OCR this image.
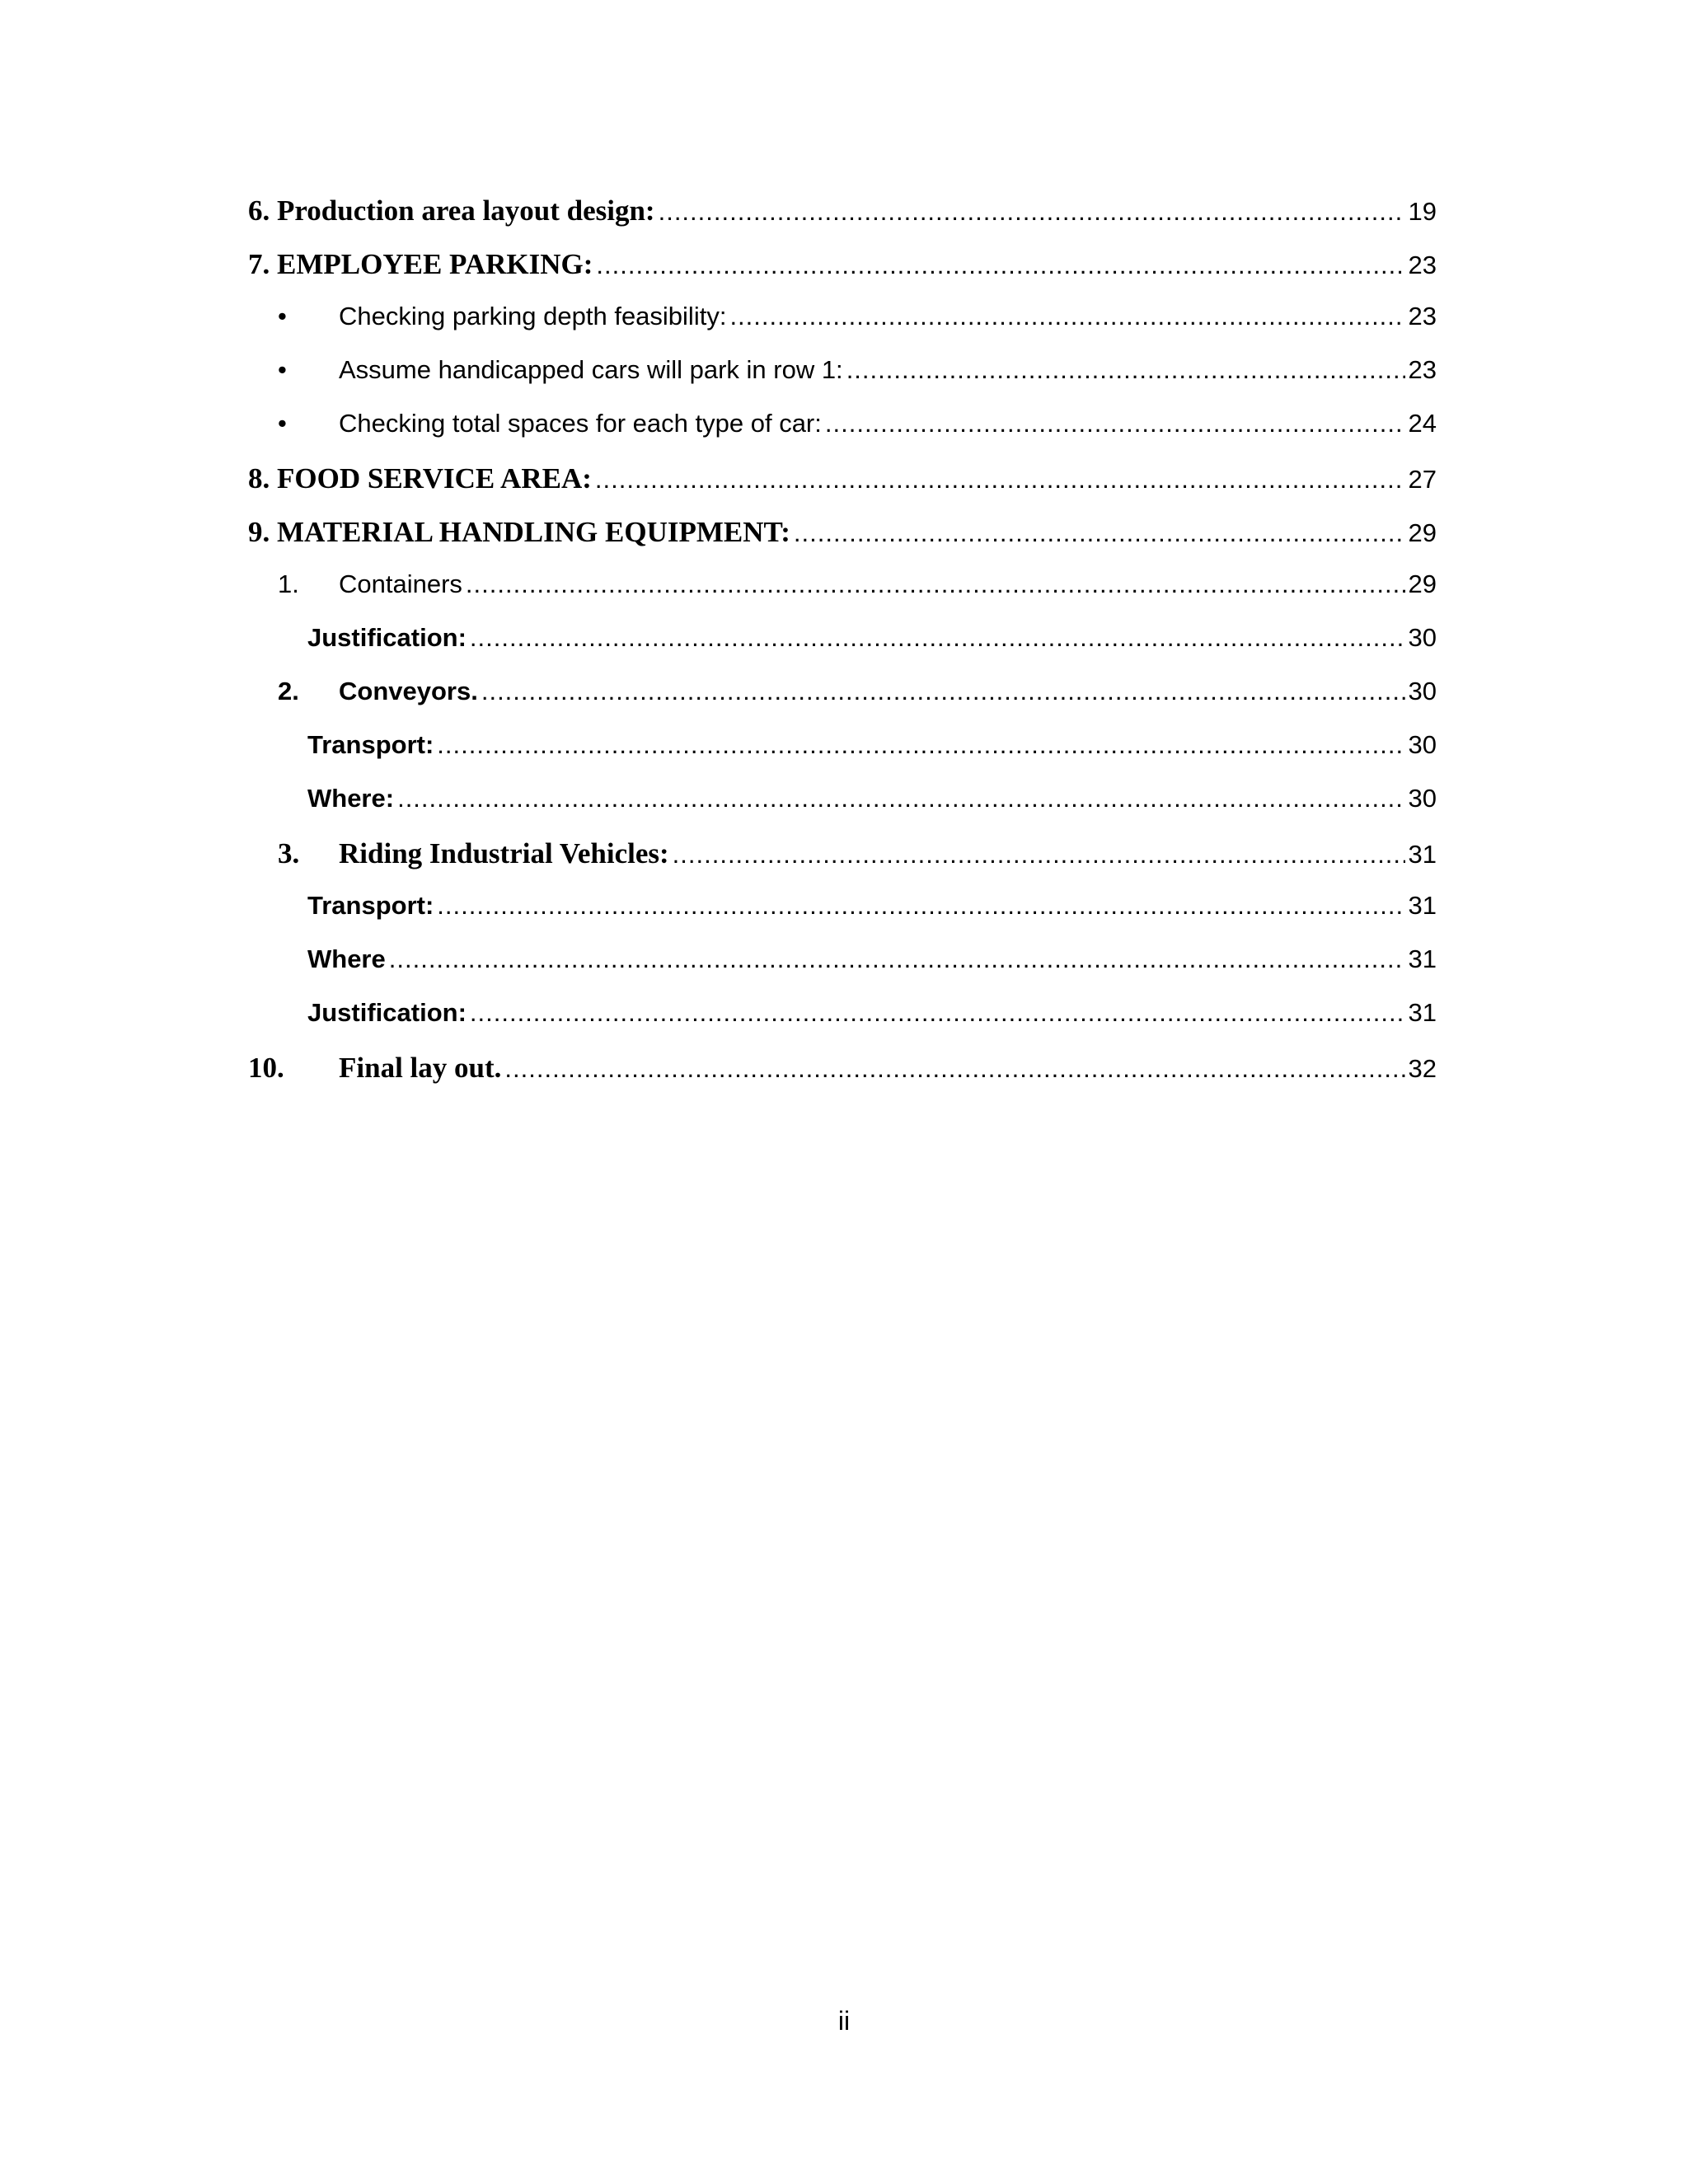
6. Production area layout design: .....	19
7. EMPLOYEE PARKING: .....	23
•	Checking parking depth feasibility: .....	23
•	Assume handicapped cars will park in row 1: .....	23
•	Checking total spaces for each type of car: .....	24
8. FOOD SERVICE AREA: .....	27
9. MATERIAL HANDLING EQUIPMENT: .....	29
1.	Containers .....	29
Justification: .....	30
2.	Conveyors. .....	30
Transport: .....	30
Where: .....	30
3.	Riding Industrial Vehicles: .....	31
Transport: .....	31
Where .....	31
Justification: .....	31
10.	Final lay out. .....	32
ii
